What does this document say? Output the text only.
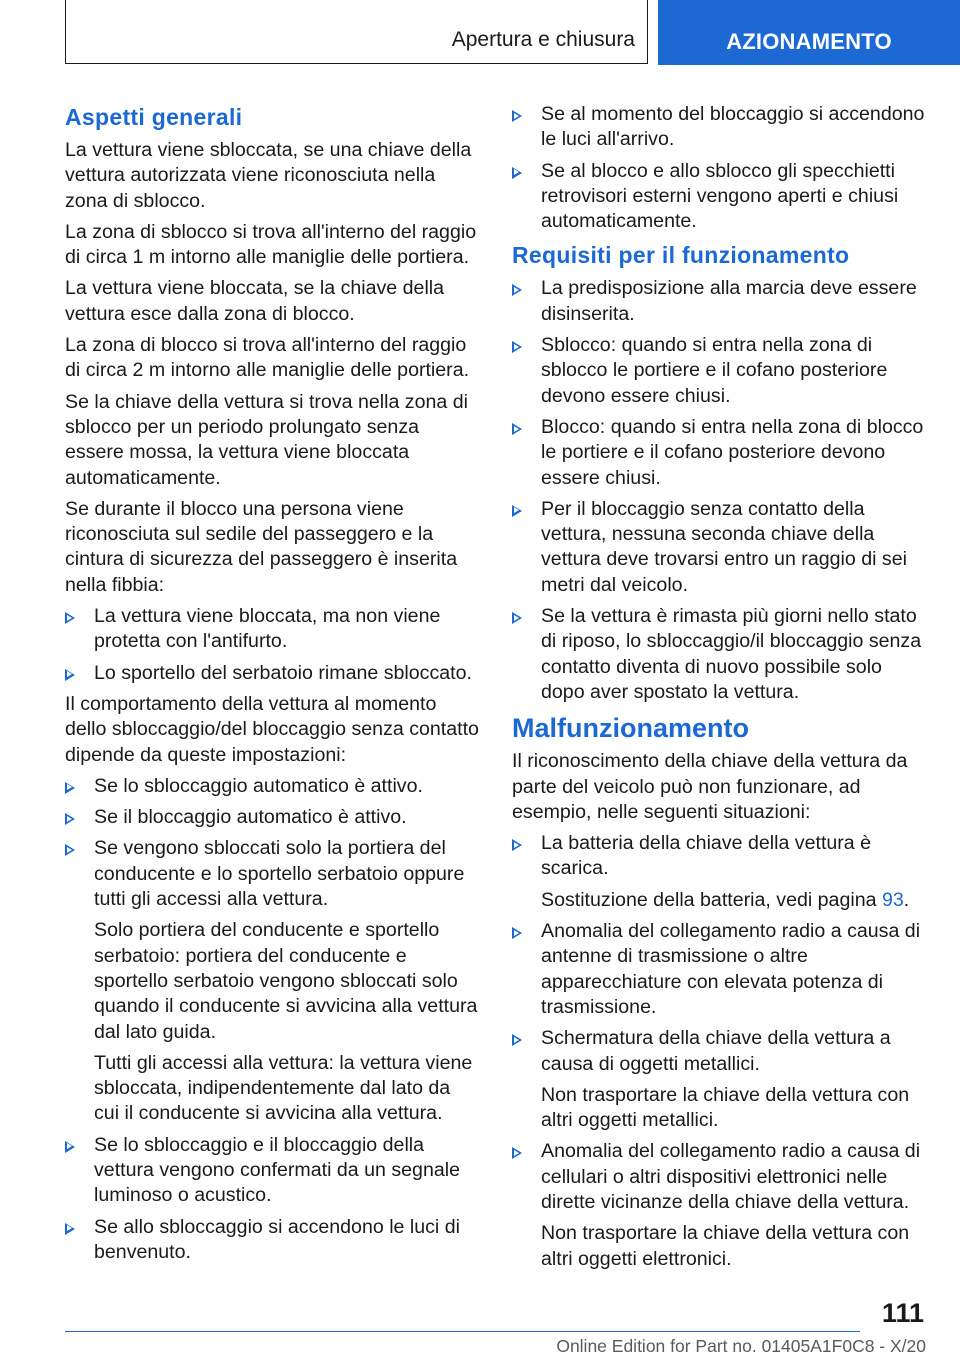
Apertura e chiusura	AZIONAMENTO
Aspetti generali

La vettura viene sbloccata, se una chiave della vettura autorizzata viene riconosciuta nella zona di sblocco.

La zona di sblocco si trova all'interno del raggio di circa 1 m intorno alle maniglie delle portiera.

La vettura viene bloccata, se la chiave della vettura esce dalla zona di blocco.

La zona di blocco si trova all'interno del raggio di circa 2 m intorno alle maniglie delle portiera.

Se la chiave della vettura si trova nella zona di sblocco per un periodo prolungato senza essere mossa, la vettura viene bloccata automaticamente.

Se durante il blocco una persona viene riconosciuta sul sedile del passeggero e la cintura di sicurezza del passeggero è inserita nella fibbia:

La vettura viene bloccata, ma non viene protetta con l'antifurto.
Lo sportello del serbatoio rimane sbloccato.

Il comportamento della vettura al momento dello sbloccaggio/del bloccaggio senza contatto dipende da queste impostazioni:

Se lo sbloccaggio automatico è attivo.
Se il bloccaggio automatico è attivo.
Se vengono sbloccati solo la portiera del conducente e lo sportello serbatoio oppure tutti gli accessi alla vettura.
Solo portiera del conducente e sportello serbatoio: portiera del conducente e sportello serbatoio vengono sbloccati solo quando il conducente si avvicina alla vettura dal lato guida.
Tutti gli accessi alla vettura: la vettura viene sbloccata, indipendentemente dal lato da cui il conducente si avvicina alla vettura.
Se lo sbloccaggio e il bloccaggio della vettura vengono confermati da un segnale luminoso o acustico.
Se allo sbloccaggio si accendono le luci di benvenuto.
Se al momento del bloccaggio si accendono le luci all'arrivo.
Se al blocco e allo sblocco gli specchietti retrovisori esterni vengono aperti e chiusi automaticamente.
Requisiti per il funzionamento
La predisposizione alla marcia deve essere disinserita.
Sblocco: quando si entra nella zona di sblocco le portiere e il cofano posteriore devono essere chiusi.
Blocco: quando si entra nella zona di blocco le portiere e il cofano posteriore devono essere chiusi.
Per il bloccaggio senza contatto della vettura, nessuna seconda chiave della vettura deve trovarsi entro un raggio di sei metri dal veicolo.
Se la vettura è rimasta più giorni nello stato di riposo, lo sbloccaggio/il bloccaggio senza contatto diventa di nuovo possibile solo dopo aver spostato la vettura.
Malfunzionamento

Il riconoscimento della chiave della vettura da parte del veicolo può non funzionare, ad esempio, nelle seguenti situazioni:

La batteria della chiave della vettura è scarica.
Sostituzione della batteria, vedi pagina 93.
Anomalia del collegamento radio a causa di antenne di trasmissione o altre apparecchiature con elevata potenza di trasmissione.
Schermatura della chiave della vettura a causa di oggetti metallici.
Non trasportare la chiave della vettura con altri oggetti metallici.
Anomalia del collegamento radio a causa di cellulari o altri dispositivi elettronici nelle dirette vicinanze della chiave della vettura.
Non trasportare la chiave della vettura con altri oggetti elettronici.
111
Online Edition for Part no. 01405A1F0C8 - X/20
